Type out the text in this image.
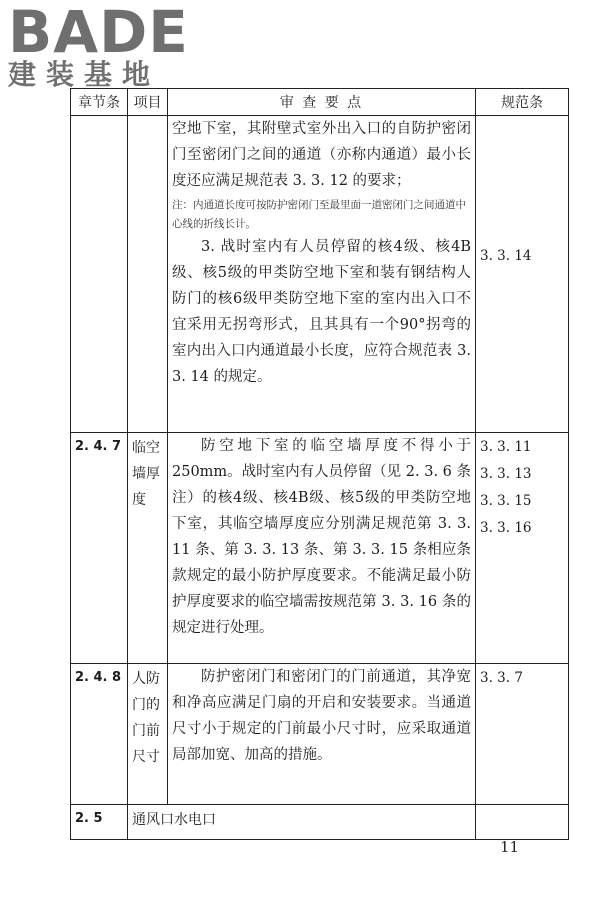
BADE
建装基地
章节条	项目	审 查 要 点	规范条

		空地下室，其附壁式室外出入口的自防护密闭门至密闭门之间的通道（亦称内通道）最小长度还应满足规范表 3. 3. 12 的要求；

注：内通道长度可按防护密闭门至最里面一道密闭门之间通道中心线的折线长计。

3. 战时室内有人员停留的核4级、核4B级、核5级的甲类防空地下室和装有钢结构人防门的核6级甲类防空地下室的室内出入口不宜采用无拐弯形式，且其具有一个90°拐弯的室内出入口内通道最小长度，应符合规范表 3. 3. 14 的规定。	3. 3. 14

2. 4. 7	临空墙厚度	防空地下室的临空墙厚度不得小于250mm。战时室内有人员停留（见 2. 3. 6 条注）的核4级、核4B级、核5级的甲类防空地下室，其临空墙厚度应分别满足规范第 3. 3. 11 条、第 3. 3. 13 条、第 3. 3. 15 条相应条款规定的最小防护厚度要求。不能满足最小防护厚度要求的临空墙需按规范第 3. 3. 16 条的规定进行处理。	3. 3. 11
3. 3. 13
3. 3. 15
3. 3. 16

2. 4. 8	人防门的门前尺寸	防护密闭门和密闭门的门前通道，其净宽和净高应满足门扇的开启和安装要求。当通道尺寸小于规定的门前最小尺寸时，应采取通道局部加宽、加高的措施。	3. 3. 7

2. 5	通风口水电口		

11
